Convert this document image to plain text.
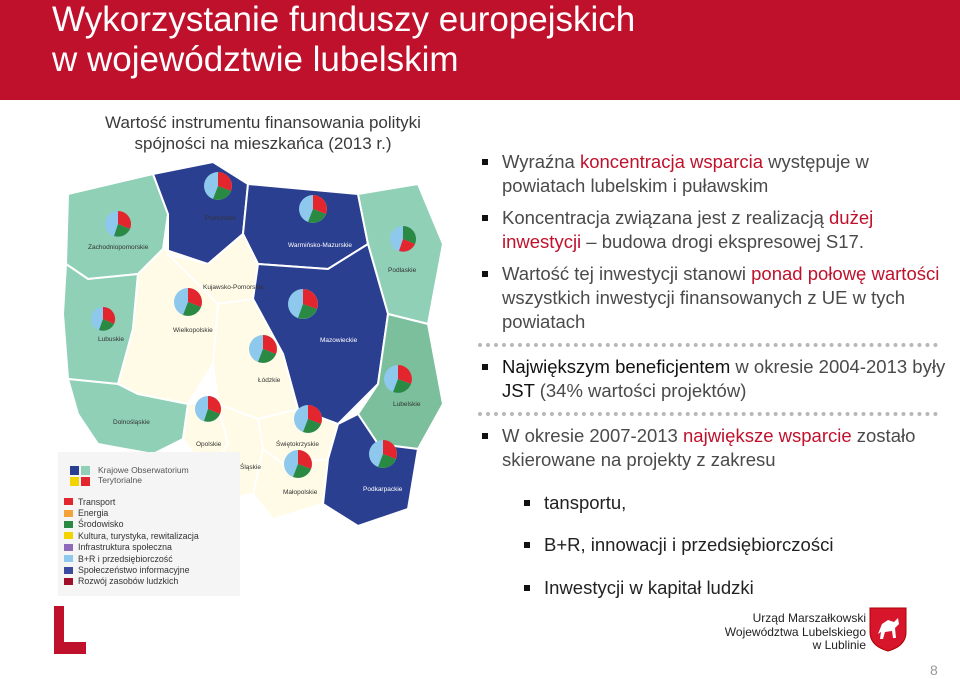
Wykorzystanie funduszy europejskich
w województwie lubelskim
Wartość instrumentu finansowania polityki
spójności na mieszkańca (2013 r.)
Zachodniopomorskie
Pomorskie
Warmińsko-Mazurskie
Podlaskie
Lubuskie
Wielkopolskie
Kujawsko-Pomorskie
Mazowieckie
Łódzkie
Lubelskie
Dolnośląskie
Opolskie	Świętokrzyskie
Śląskie
Małopolskie	Podkarpackie
Krajowe Obserwatorium
Terytorialne
Transport
Energia
Środowisko
Kultura, turystyka, rewitalizacja
Infrastruktura społeczna
B+R i przedsiębiorczość
Społeczeństwo informacyjne
Rozwój zasobów ludzkich

Wyraźna koncentracja wsparcia występuje w powiatach lubelskim i puławskim

Koncentracja związana jest z realizacją dużej inwestycji – budowa drogi ekspresowej S17.

Wartość tej inwestycji stanowi ponad połowę wartości wszystkich inwestycji finansowanych z UE w tych powiatach

Największym beneficjentem w okresie 2004-2013 były JST (34% wartości projektów)

W okresie 2007-2013 największe wsparcie zostało skierowane na projekty z zakresu

tansportu,

B+R, innowacji i przedsiębiorczości

Inwestycji w kapitał ludzki

Urząd Marszałkowski
Województwa Lubelskiego
w Lublinie
8
